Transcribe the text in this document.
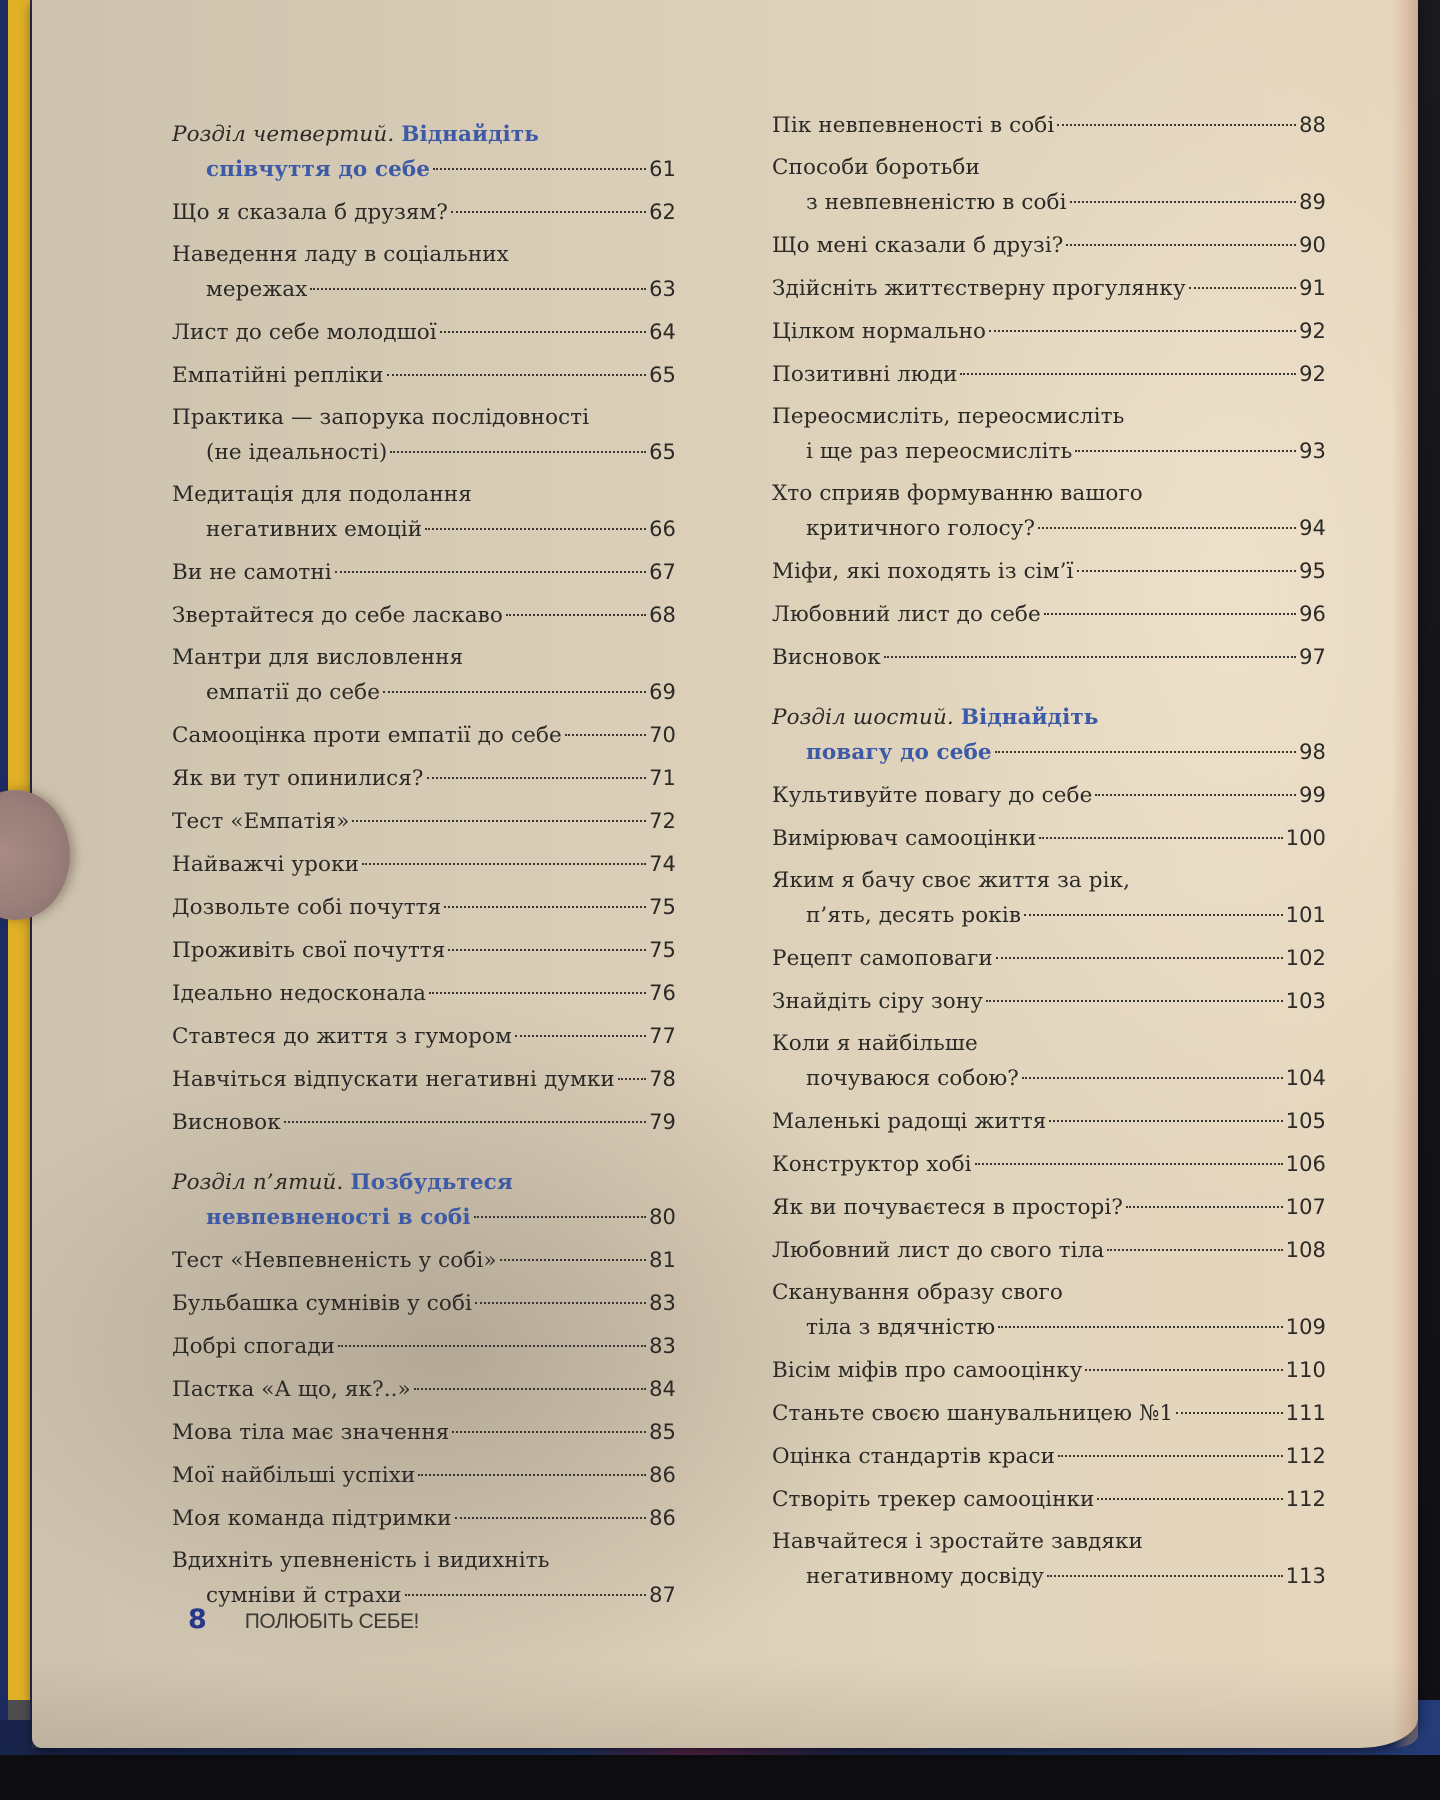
Розділ четвертий. Віднайдіть
співчуття до себе	61
Що я сказала б друзям?	62
Наведення ладу в соціальних
мережах	63
Лист до себе молодшої	64
Емпатійні репліки	65
Практика — запорука послідовності
(не ідеальності)	65
Медитація для подолання
негативних емоцій	66
Ви не самотні	67
Звертайтеся до себе ласкаво	68
Мантри для висловлення
емпатії до себе	69
Самооцінка проти емпатії до себе	70
Як ви тут опинилися?	71
Тест «Емпатія»	72
Найважчі уроки	74
Дозвольте собі почуття	75
Проживіть свої почуття	75
Ідеально недосконала	76
Ставтеся до життя з гумором	77
Навчіться відпускати негативні думки 78
Висновок	79
Розділ п’ятий. Позбудьтеся
невпевненості в собі	80
Тест «Невпевненість у собі»	81
Бульбашка сумнівів у собі	83
Добрі спогади	83
Пастка «А що, як?..»	84
Мова тіла має значення	85
Мої найбільші успіхи	86
Моя команда підтримки	86
Вдихніть упевненість і видихніть
сумніви й страхи	87
Пік невпевненості в собі	88
Способи боротьби
з невпевненістю в собі	89
Що мені сказали б друзі?	90
Здійсніть життєстверну прогулянку	91
Цілком нормально	92
Позитивні люди	92
Переосмисліть, переосмисліть
і ще раз переосмисліть	93
Хто сприяв формуванню вашого
критичного голосу?	94
Міфи, які походять із сім’ї	95
Любовний лист до себе	96
Висновок	97
Розділ шостий. Віднайдіть
повагу до себе	98
Культивуйте повагу до себе	99
Вимірювач самооцінки	100
Яким я бачу своє життя за рік,
п’ять, десять років	101
Рецепт самоповаги	102
Знайдіть сіру зону	103
Коли я найбільше
почуваюся собою?	104
Маленькі радощі життя	105
Конструктор хобі	106
Як ви почуваєтеся в просторі?	107
Любовний лист до свого тіла	108
Сканування образу свого
тіла з вдячністю	109
Вісім міфів про самооцінку	110
Станьте своєю шанувальницею №1	111
Оцінка стандартів краси	112
Створіть трекер самооцінки	112
Навчайтеся і зростайте завдяки
негативному досвіду	113
8 ПОЛЮБІТЬ СЕБЕ!
